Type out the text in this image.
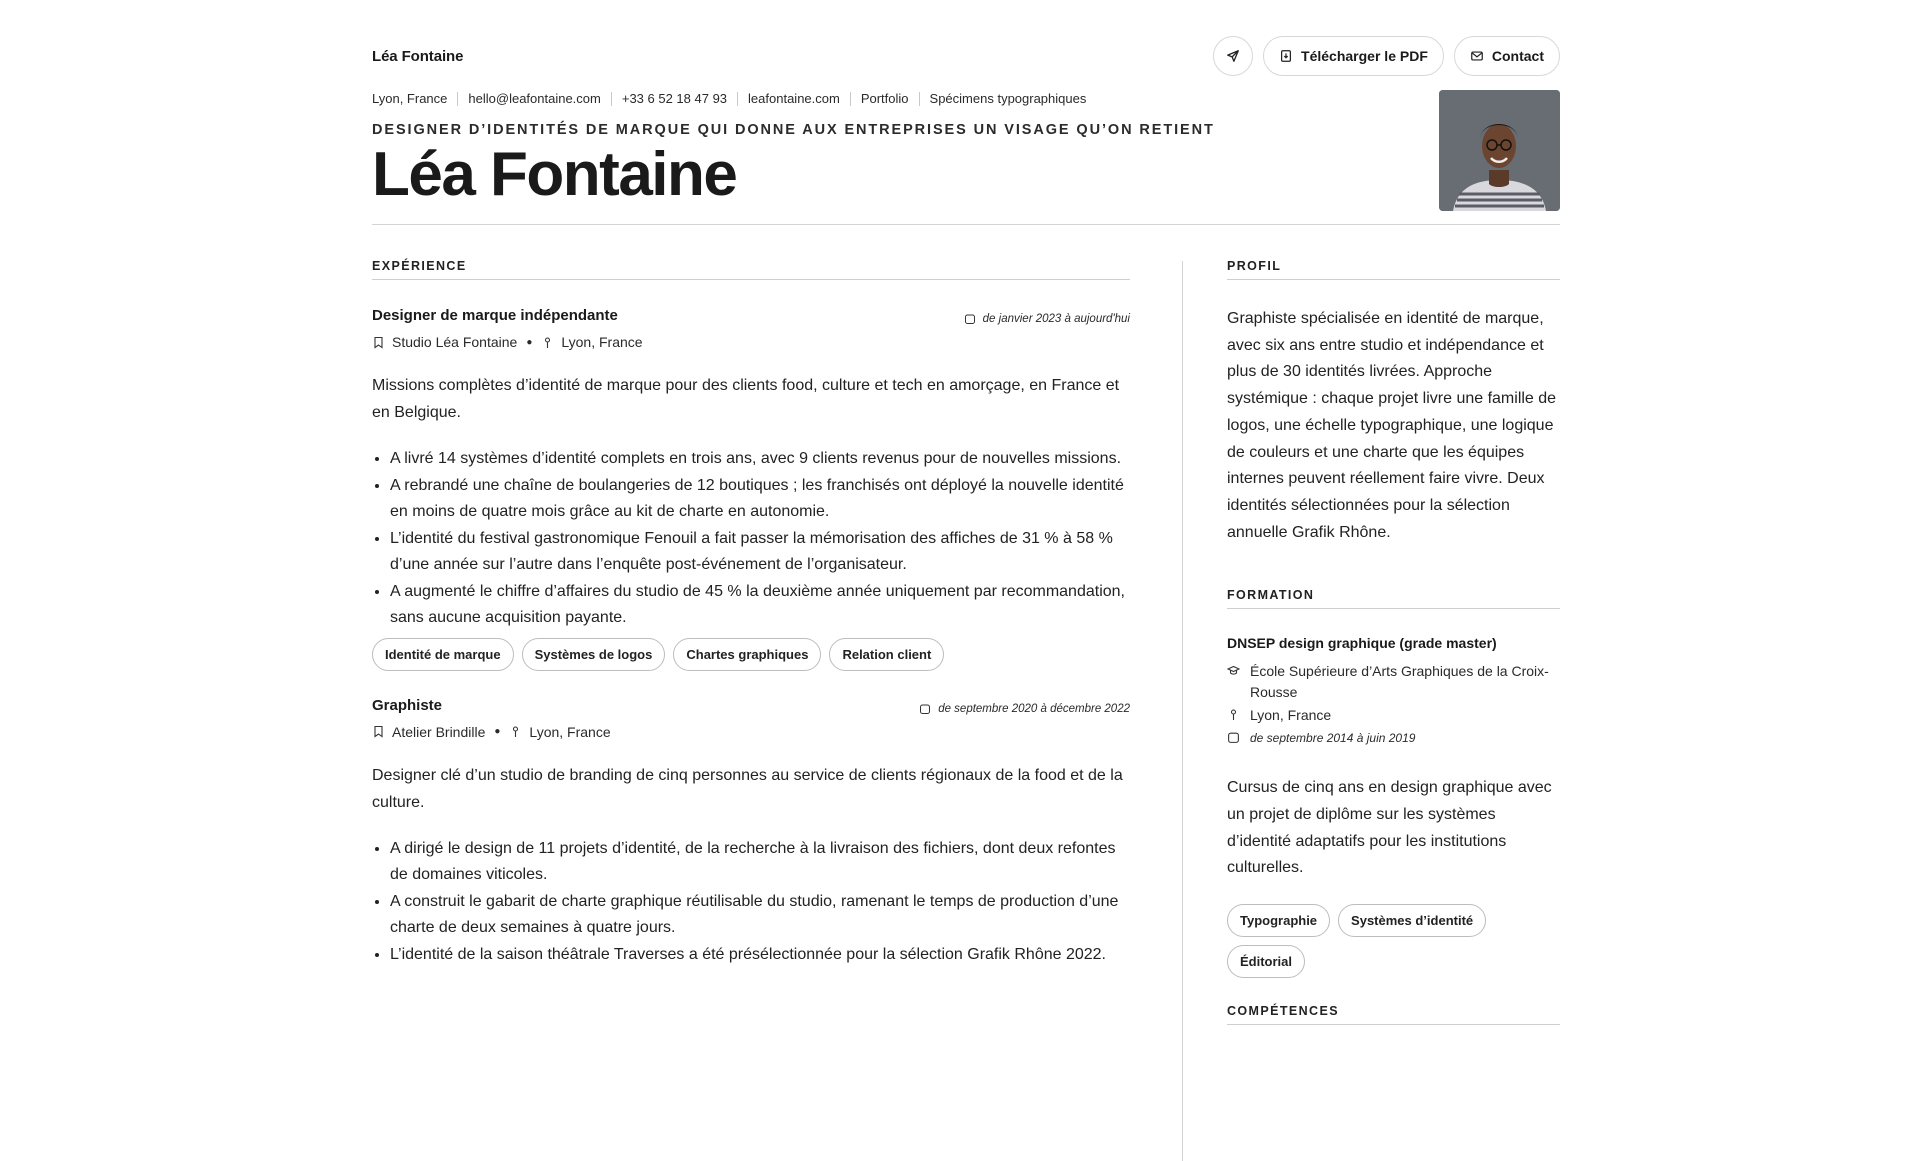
Léa Fontaine	Télécharger le PDF	Contact
Lyon, France	hello@leafontaine.com	+33 6 52 18 47 93	leafontaine.com	Portfolio	Spécimens typographiques
DESIGNER D’IDENTITÉS DE MARQUE QUI DONNE AUX ENTREPRISES UN VISAGE QU’ON RETIENT
Léa Fontaine
EXPÉRIENCE
Designer de marque indépendante	de janvier 2023 à aujourd'hui
Studio Léa Fontaine ● Lyon, France
Missions complètes d’identité de marque pour des clients food, culture et tech en amorçage, en France et en Belgique.
• A livré 14 systèmes d’identité complets en trois ans, avec 9 clients revenus pour de nouvelles missions.
• A rebrandé une chaîne de boulangeries de 12 boutiques ; les franchisés ont déployé la nouvelle identité en moins de quatre mois grâce au kit de charte en autonomie.
• L’identité du festival gastronomique Fenouil a fait passer la mémorisation des affiches de 31 % à 58 % d’une année sur l’autre dans l’enquête post-événement de l’organisateur.
• A augmenté le chiffre d’affaires du studio de 45 % la deuxième année uniquement par recommandation, sans aucune acquisition payante.
Identité de marque	Systèmes de logos	Chartes graphiques	Relation client
Graphiste	de septembre 2020 à décembre 2022
Atelier Brindille ● Lyon, France
Designer clé d’un studio de branding de cinq personnes au service de clients régionaux de la food et de la culture.
• A dirigé le design de 11 projets d’identité, de la recherche à la livraison des fichiers, dont deux refontes de domaines viticoles.
• A construit le gabarit de charte graphique réutilisable du studio, ramenant le temps de production d’une charte de deux semaines à quatre jours.
• L’identité de la saison théâtrale Traverses a été présélectionnée pour la sélection Grafik Rhône 2022.
PROFIL
Graphiste spécialisée en identité de marque, avec six ans entre studio et indépendance et plus de 30 identités livrées. Approche systémique : chaque projet livre une famille de logos, une échelle typographique, une logique de couleurs et une charte que les équipes internes peuvent réellement faire vivre. Deux identités sélectionnées pour la sélection annuelle Grafik Rhône.
FORMATION
DNSEP design graphique (grade master)
École Supérieure d’Arts Graphiques de la Croix-Rousse
Lyon, France
de septembre 2014 à juin 2019
Cursus de cinq ans en design graphique avec un projet de diplôme sur les systèmes d’identité adaptatifs pour les institutions culturelles.
Typographie	Systèmes d’identité
Éditorial
COMPÉTENCES
